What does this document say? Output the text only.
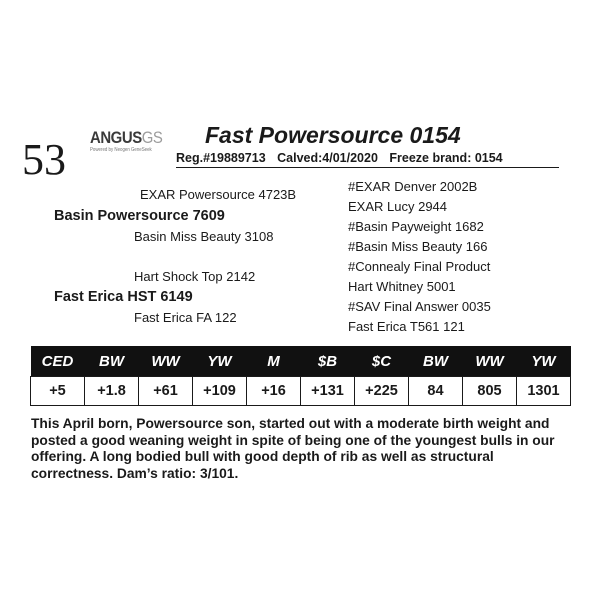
53 ANGUSGS
Powered by Neogen GeneSeek
Fast Powersource 0154
Reg.#19889713 Calved:4/01/2020 Freeze brand: 0154
EXAR Powersource 4723B
Basin Powersource 7609
Basin Miss Beauty 3108
Hart Shock Top 2142
Fast Erica HST 6149
Fast Erica FA 122
#EXAR Denver 2002B
EXAR Lucy 2944
#Basin Payweight 1682
#Basin Miss Beauty 166
#Connealy Final Product
Hart Whitney 5001
#SAV Final Answer 0035
Fast Erica T561 121
CED	BW	WW	YW	M	$B	$C	BW	WW	YW
+5	+1.8	+61	+109	+16	+131	+225	84	805	1301
This April born, Powersource son, started out with a moderate birth weight and posted a good weaning weight in spite of being one of the youngest bulls in our offering. A long bodied bull with good depth of rib as well as structural correctness. Dam’s ratio: 3/101.
